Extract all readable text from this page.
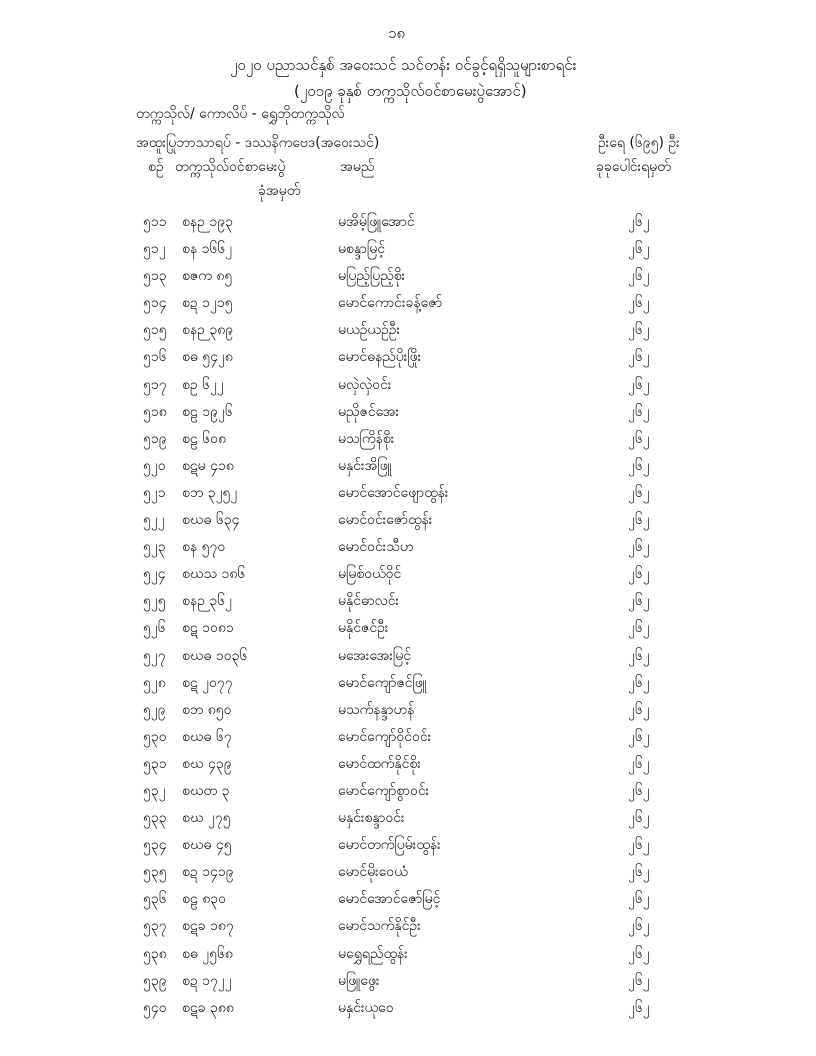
၁၈
၂၀၂၀ ပညာသင်နှစ် အဝေးသင် သင်တန်း ဝင်ခွင့်ရရှိသူများစာရင်း
(၂၀၁၉ ခုနှစ် တက္ကသိုလ်ဝင်စာမေးပွဲအောင်)
တက္ကသိုလ်/ ကောလိပ် - ရွှေဘိုတက္ကသိုလ်
အထူးပြုဘာသာရပ် - ဒဿနိကဗေဒ(အဝေးသင်)	ဦးရေ (၆၉၅) ဦး
စဉ် တက္ကသိုလ်ဝင်စာမေးပွဲ
ခုံအမှတ်
အမည်	ခုခုပေါင်းရမှတ်
၅၁၁ စနဉ ၁၉၃	မအိမ့်ဖြူအောင်	၂၆၂
၅၁၂ စန ၁၆၆၂	မစန္ဒာမြင့်	၂၆၂
၅၁၃ စဇက ၈၅	မပြည့်ပြည့်စိုး	၂၆၂
၅၁၄ စဍ ၁၂၁၅	မောင်ကောင်းခန့်ဇော်	၂၆၂
၅၁၅ စနဉ ၃၈၉	မယဉ်ယဉ်ဦး	၂၆၂
၅၁၆ စဓ ၅၄၂၈	မောင်ဓနည်ပိုးဖြိုး	၂၆၂
၅၁၇ စဥ ၆၂၂	မလှဲလှဲဝင်း	၂၆၂
၅၁၈ စဠ ၁၉၂၆	မညိုဇင်အေး	၂၆၂
၅၁၉ စဠ ၆၀၈	မသကြိန်စိုး	၂၆၂
၅၂၀ စဋမ ၄၁၈	မနှင်းအိဖြူ	၂၆၂
၅၂၁ စဘ ၃၂၅၂	မောင်အောင်ဖျောထွန်း	၂၆၂
၅၂၂ စဃဓ ၆၃၄	မောင်ဝင်းဇော်ထွန်း	၂၆၂
၅၂၃ စန ၅၇၀	မောင်ဝင်းသီဟ	၂၆၂
၅၂၄ စဃသ ၁၈၆	မမြစ်ဝယ်ဝိုင်	၂၆၂
၅၂၅ စနဉ ၃၆၂	မနိုင်ဓာလင်း	၂၆၂
၅၂၆ စဋ ၁၀၈၁	မနိုင်ဇင်ဦး	၂၆၂
၅၂၇ စဃဓ ၁၀၃၆	မအေးအေးမြင့်	၂၆၂
၅၂၈ စဋ ၂၀၇၇	မောင်ကျော်ဇင်ဖြူ	၂၆၂
၅၂၉ စဘ ၈၅၀	မသက်နန္ဒာဟန်	၂၆၂
၅၃၀ စဃဓ ၆၇	မောင်ကျော်ဝိုင်ဝင်း	၂၆၂
၅၃၁ စဃ ၄၃၉	မောင်ထက်နိုင်စိုး	၂၆၂
၅၃၂ စဃတ ၃	မောင်ကျော်စွာဝင်း	၂၆၂
၅၃၃ စဃ ၂၇၅	မနှင်းစန္ဒာဝင်း	၂၆၂
၅၃၄ စဃဓ ၄၅	မောင်တက်ပြမ်းထွန်း	၂၆၂
၅၃၅ စဍ ၁၄၁၉	မောင်မိုးဝေယံ	၂၆၂
၅၃၆ စဠ ၈၃၀	မောင်အောင်ဇော်မြင့်	၂၆၂
၅၃၇ စဋခ ၁၈၇	မောင်သက်နိုင်ဦး	၂၆၂
၅၃၈ စဓ ၂၅၆၈	မရွှေရည်ထွန်း	၂၆၂
၅၃၉ စဍ ၁၇၂၂	မဖြူဖွေး	၂၆၂
၅၄၀ စဋခ ၃၈၈	မနှင်းယုဝေ	၂၆၂
